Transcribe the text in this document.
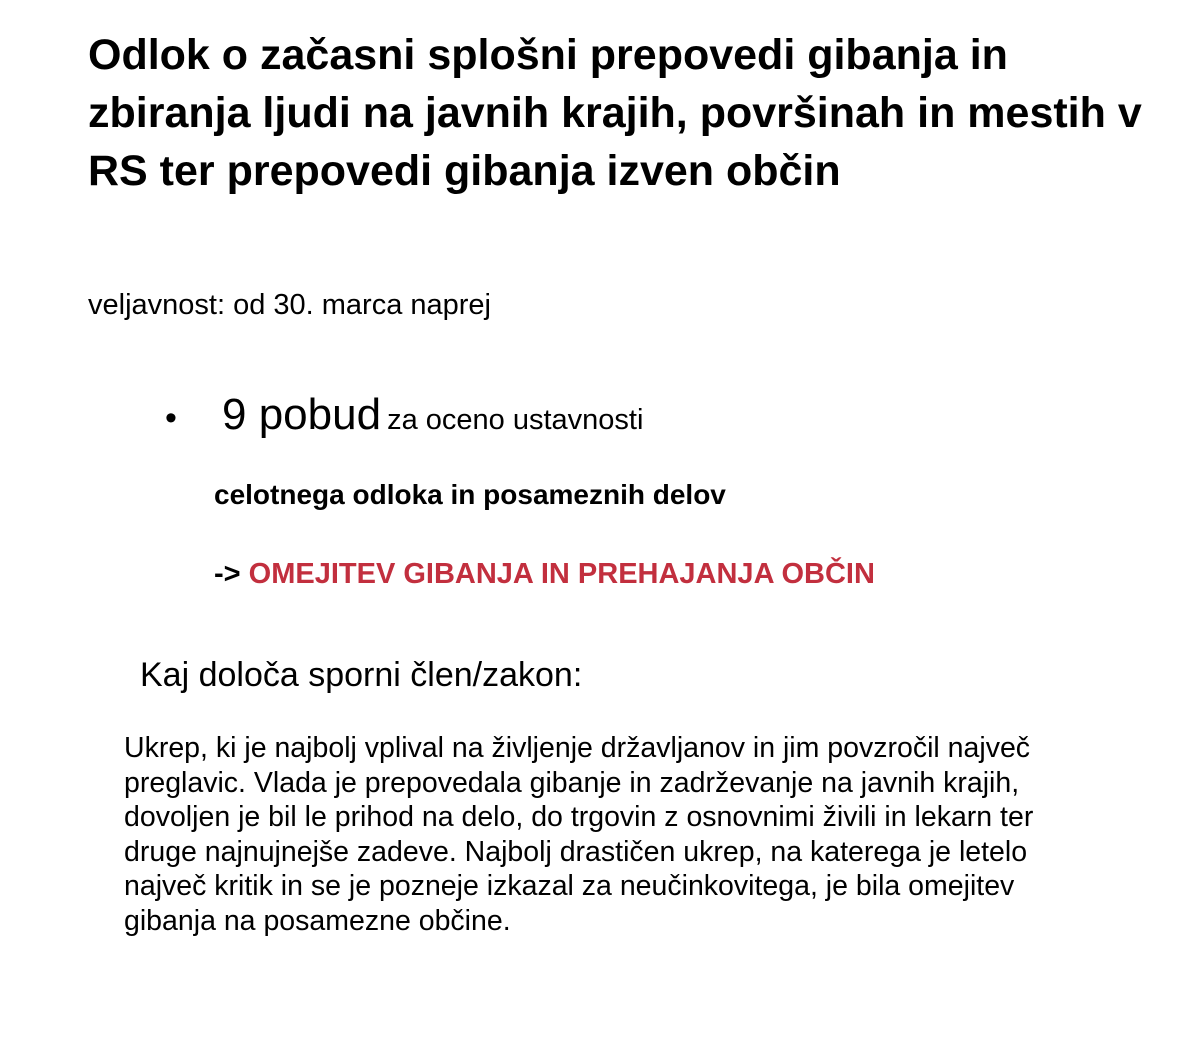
Odlok o začasni splošni prepovedi gibanja in zbiranja ljudi na javnih krajih, površinah in mestih v RS ter prepovedi gibanja izven občin

veljavnost: od 30. marca naprej

• 9 pobud za oceno ustavnosti

celotnega odloka in posameznih delov

-> OMEJITEV GIBANJA IN PREHAJANJA OBČIN

Kaj določa sporni člen/zakon:

Ukrep, ki je najbolj vplival na življenje državljanov in jim povzročil največ preglavic. Vlada je prepovedala gibanje in zadrževanje na javnih krajih, dovoljen je bil le prihod na delo, do trgovin z osnovnimi živili in lekarn ter druge najnujnejše zadeve. Najbolj drastičen ukrep, na katerega je letelo največ kritik in se je pozneje izkazal za neučinkovitega, je bila omejitev gibanja na posamezne občine.
